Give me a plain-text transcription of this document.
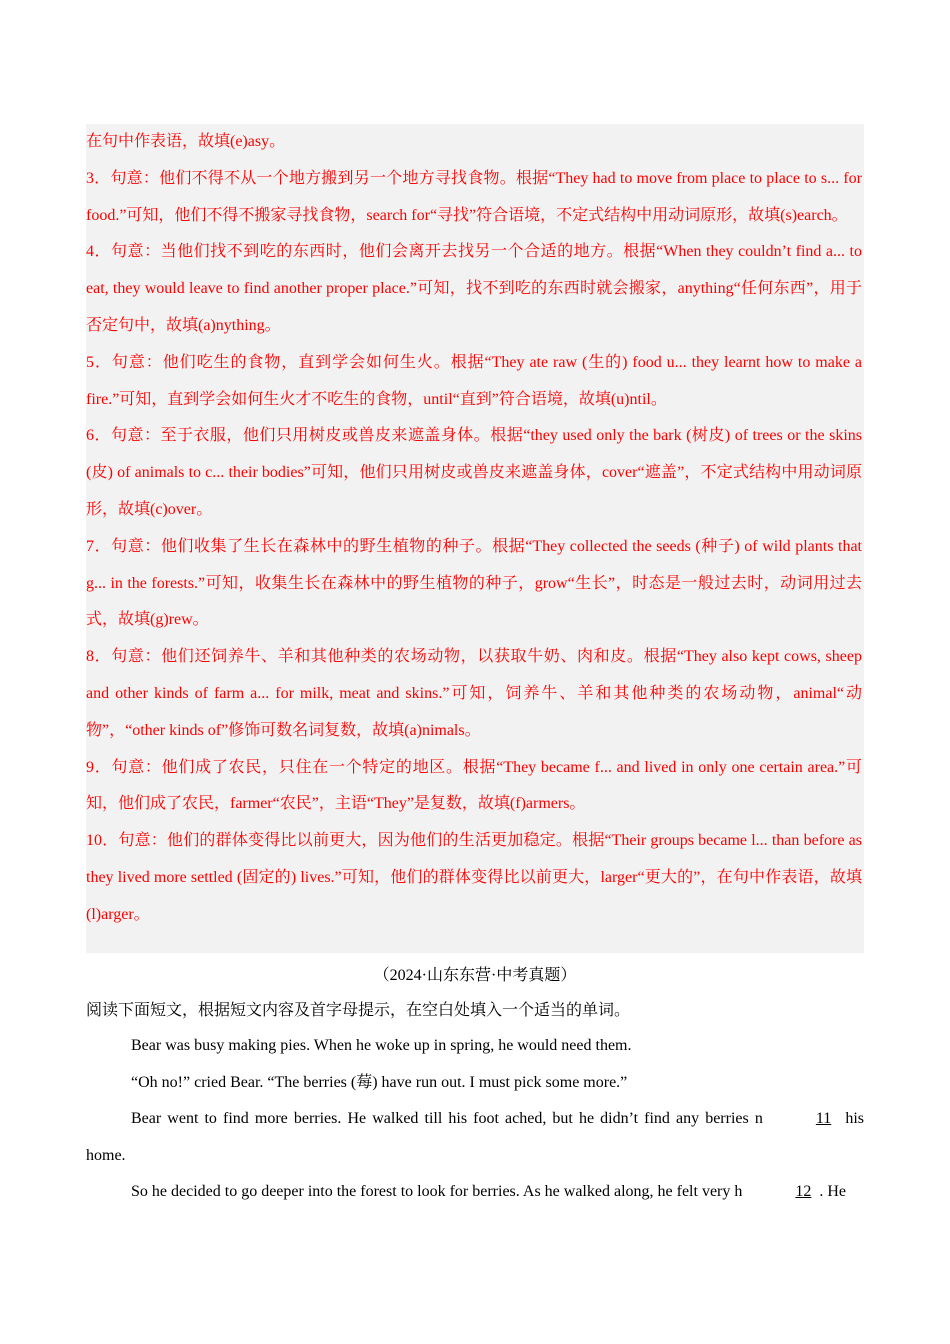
在句中作表语，故填(e)asy。

3．句意：他们不得不从一个地方搬到另一个地方寻找食物。根据“They had to move from place to place to s... for food.”可知，他们不得不搬家寻找食物，search for“寻找”符合语境，不定式结构中用动词原形，故填(s)earch。

4．句意：当他们找不到吃的东西时，他们会离开去找另一个合适的地方。根据“When they couldn’t find a... to eat, they would leave to find another proper place.”可知，找不到吃的东西时就会搬家，anything“任何东西”，用于否定句中，故填(a)nything。

5．句意：他们吃生的食物，直到学会如何生火。根据“They ate raw (生的) food u... they learnt how to make a fire.”可知，直到学会如何生火才不吃生的食物，until“直到”符合语境，故填(u)ntil。

6．句意：至于衣服，他们只用树皮或兽皮来遮盖身体。根据“they used only the bark (树皮) of trees or the skins (皮) of animals to c... their bodies”可知，他们只用树皮或兽皮来遮盖身体，cover“遮盖”，不定式结构中用动词原形，故填(c)over。

7．句意：他们收集了生长在森林中的野生植物的种子。根据“They collected the seeds (种子) of wild plants that g... in the forests.”可知，收集生长在森林中的野生植物的种子，grow“生长”，时态是一般过去时，动词用过去式，故填(g)rew。

8．句意：他们还饲养牛、羊和其他种类的农场动物，以获取牛奶、肉和皮。根据“They also kept cows, sheep and other kinds of farm a... for milk, meat and skins.”可知，饲养牛、羊和其他种类的农场动物，animal“动物”，“other kinds of”修饰可数名词复数，故填(a)nimals。

9．句意：他们成了农民，只住在一个特定的地区。根据“They became f... and lived in only one certain area.”可知，他们成了农民，farmer“农民”，主语“They”是复数，故填(f)armers。

10．句意：他们的群体变得比以前更大，因为他们的生活更加稳定。根据“Their groups became l... than before as they lived more settled (固定的) lives.”可知，他们的群体变得比以前更大，larger“更大的”，在句中作表语，故填(l)arger。

（2024·山东东营·中考真题）

阅读下面短文，根据短文内容及首字母提示，在空白处填入一个适当的单词。

Bear was busy making pies. When he woke up in spring, he would need them.

“Oh no!” cried Bear. “The berries (莓) have run out. I must pick some more.”

Bear went to find more berries. He walked till his foot ached, but he didn’t find any berries n	11 his home.

So he decided to go deeper into the forest to look for berries. As he walked along, he felt very h	12 . He
